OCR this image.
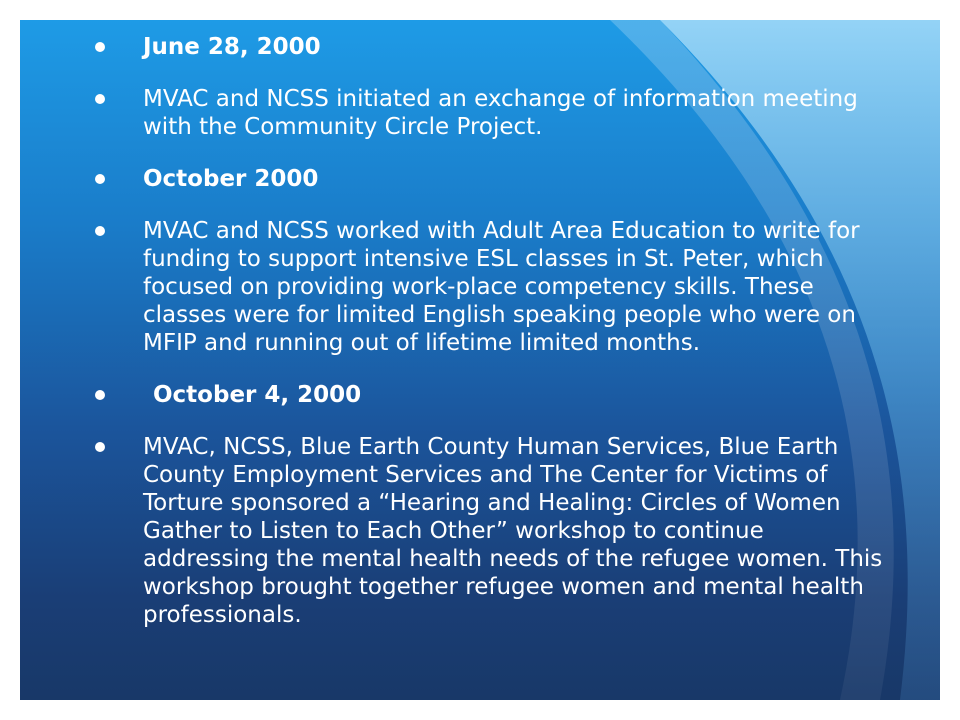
June 28, 2000
MVAC and NCSS initiated an exchange of information meeting with the Community Circle Project.
October 2000
MVAC and NCSS worked with Adult Area Education to write for funding to support intensive ESL classes in St. Peter, which focused on providing work-place competency skills. These classes were for limited English speaking people who were on MFIP and running out of lifetime limited months.
October 4, 2000
MVAC, NCSS, Blue Earth County Human Services, Blue Earth County Employment Services and The Center for Victims of Torture sponsored a “Hearing and Healing: Circles of Women Gather to Listen to Each Other” workshop to continue addressing the mental health needs of the refugee women. This workshop brought together refugee women and mental health professionals.
